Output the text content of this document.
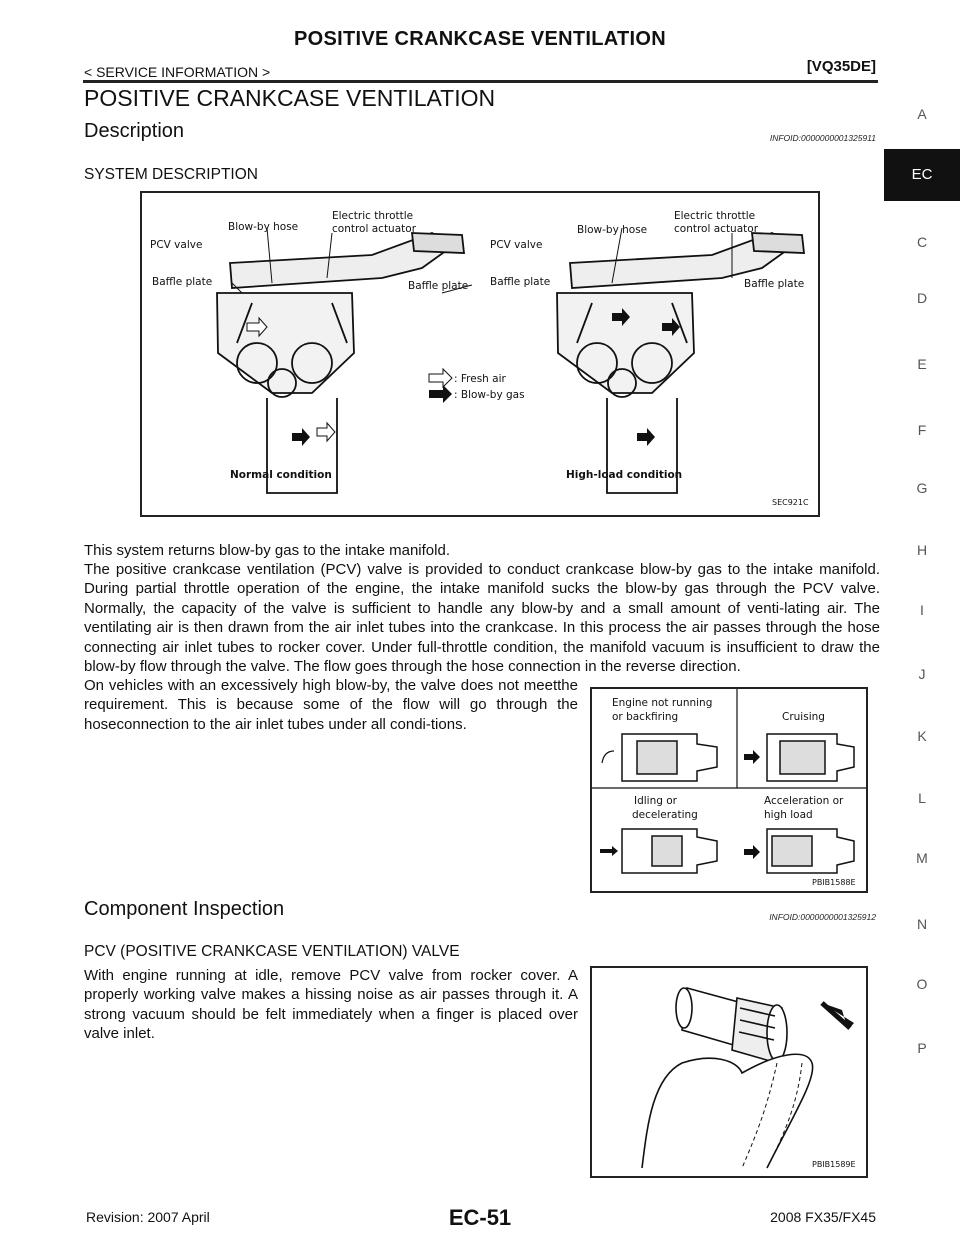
POSITIVE CRANKCASE VENTILATION
< SERVICE INFORMATION >	[VQ35DE]
POSITIVE CRANKCASE VENTILATION
Description	INFOID:0000000001325911
SYSTEM DESCRIPTION
: Fresh air
: Blow-by gas
Blow-by hose
Electric throttle
control actuator
PCV valve
Baffle plate	Baffle plate
PCV valve
Blow-by hose
Electric throttle
control actuator
Baffle plate	Baffle plate
Normal condition	High-load condition
SEC921C
This system returns blow-by gas to the intake manifold.
The positive crankcase ventilation (PCV) valve is provided to conduct crankcase blow-by gas to the intake manifold. During partial throttle operation of the engine, the intake manifold sucks the blow-by gas through the PCV valve. Normally, the capacity of the valve is sufficient to handle any blow-by and a small amount of venti-lating air. The ventilating air is then drawn from the air inlet tubes into the crankcase. In this process the air passes through the hose connecting air inlet tubes to rocker cover. Under full-throttle condition, the manifold vacuum is insufficient to draw the blow-by flow through the valve. The flow goes through the hose connection in the reverse direction.
On vehicles with an excessively high blow-by, the valve does not meetthe requirement. This is because some of the flow will go through the hoseconnection to the air inlet tubes under all condi-tions.
Engine not running
or backfiring	Cruising
Idling or
decelerating
Acceleration or
high load
PBIB1588E
Component Inspection	INFOID:0000000001325912
PCV (POSITIVE CRANKCASE VENTILATION) VALVE
With engine running at idle, remove PCV valve from rocker cover. A properly working valve makes a hissing noise as air passes through it. A strong vacuum should be felt immediately when a finger is placed over valve inlet.
PBIB1589E
A
EC
C
D
E
F
G
H
I
J
K
L
M
N
O
P
Revision: 2007 April	EC-51	2008 FX35/FX45
